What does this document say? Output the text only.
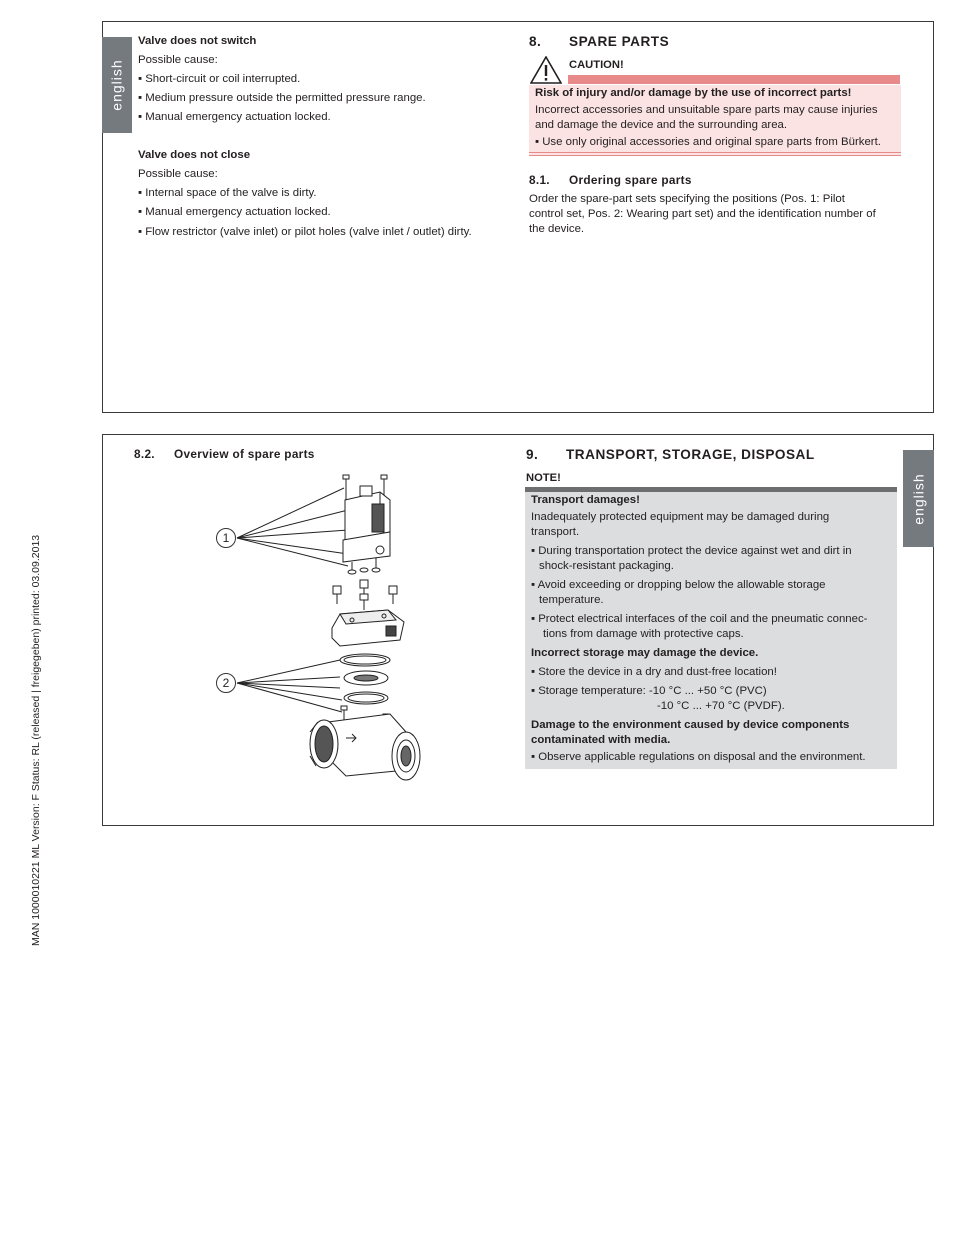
english
english
MAN 1000010221 ML Version: F Status: RL (released | freigegeben) printed: 03.09.2013
Valve does not switch
Possible cause:
▪ Short-circuit or coil interrupted.
▪ Medium pressure outside the permitted pressure range.
▪ Manual emergency actuation locked.
Valve does not close
Possible cause:
▪ Internal space of the valve is dirty.
▪ Manual emergency actuation locked.
▪ Flow restrictor (valve inlet) or pilot holes (valve inlet / outlet) dirty.
8. SPARE PARTS
CAUTION!
Risk of injury and/or damage by the use of incorrect parts!
Incorrect accessories and unsuitable spare parts may cause injuries
and damage the device and the surrounding area.
▪ Use only original accessories and original spare parts from Bürkert.
8.1. Ordering spare parts
Order the spare-part sets specifying the positions (Pos. 1: Pilot
control set, Pos. 2: Wearing part set) and the identification number of
the device.
8.2. Overview of spare parts
1
2
9. TRANSPORT, STORAGE, DISPOSAL
NOTE!
Transport damages!
Inadequately protected equipment may be damaged during
transport.
▪ During transportation protect the device against wet and dirt in
shock-resistant packaging.
▪ Avoid exceeding or dropping below the allowable storage
temperature.
▪ Protect electrical interfaces of the coil and the pneumatic connec-
tions from damage with protective caps.
Incorrect storage may damage the device.
▪ Store the device in a dry and dust-free location!
▪ Storage temperature: -10 °C ... +50 °C (PVC)
-10 °C ... +70 °C (PVDF).
Damage to the environment caused by device components
contaminated with media.
▪ Observe applicable regulations on disposal and the environment.
